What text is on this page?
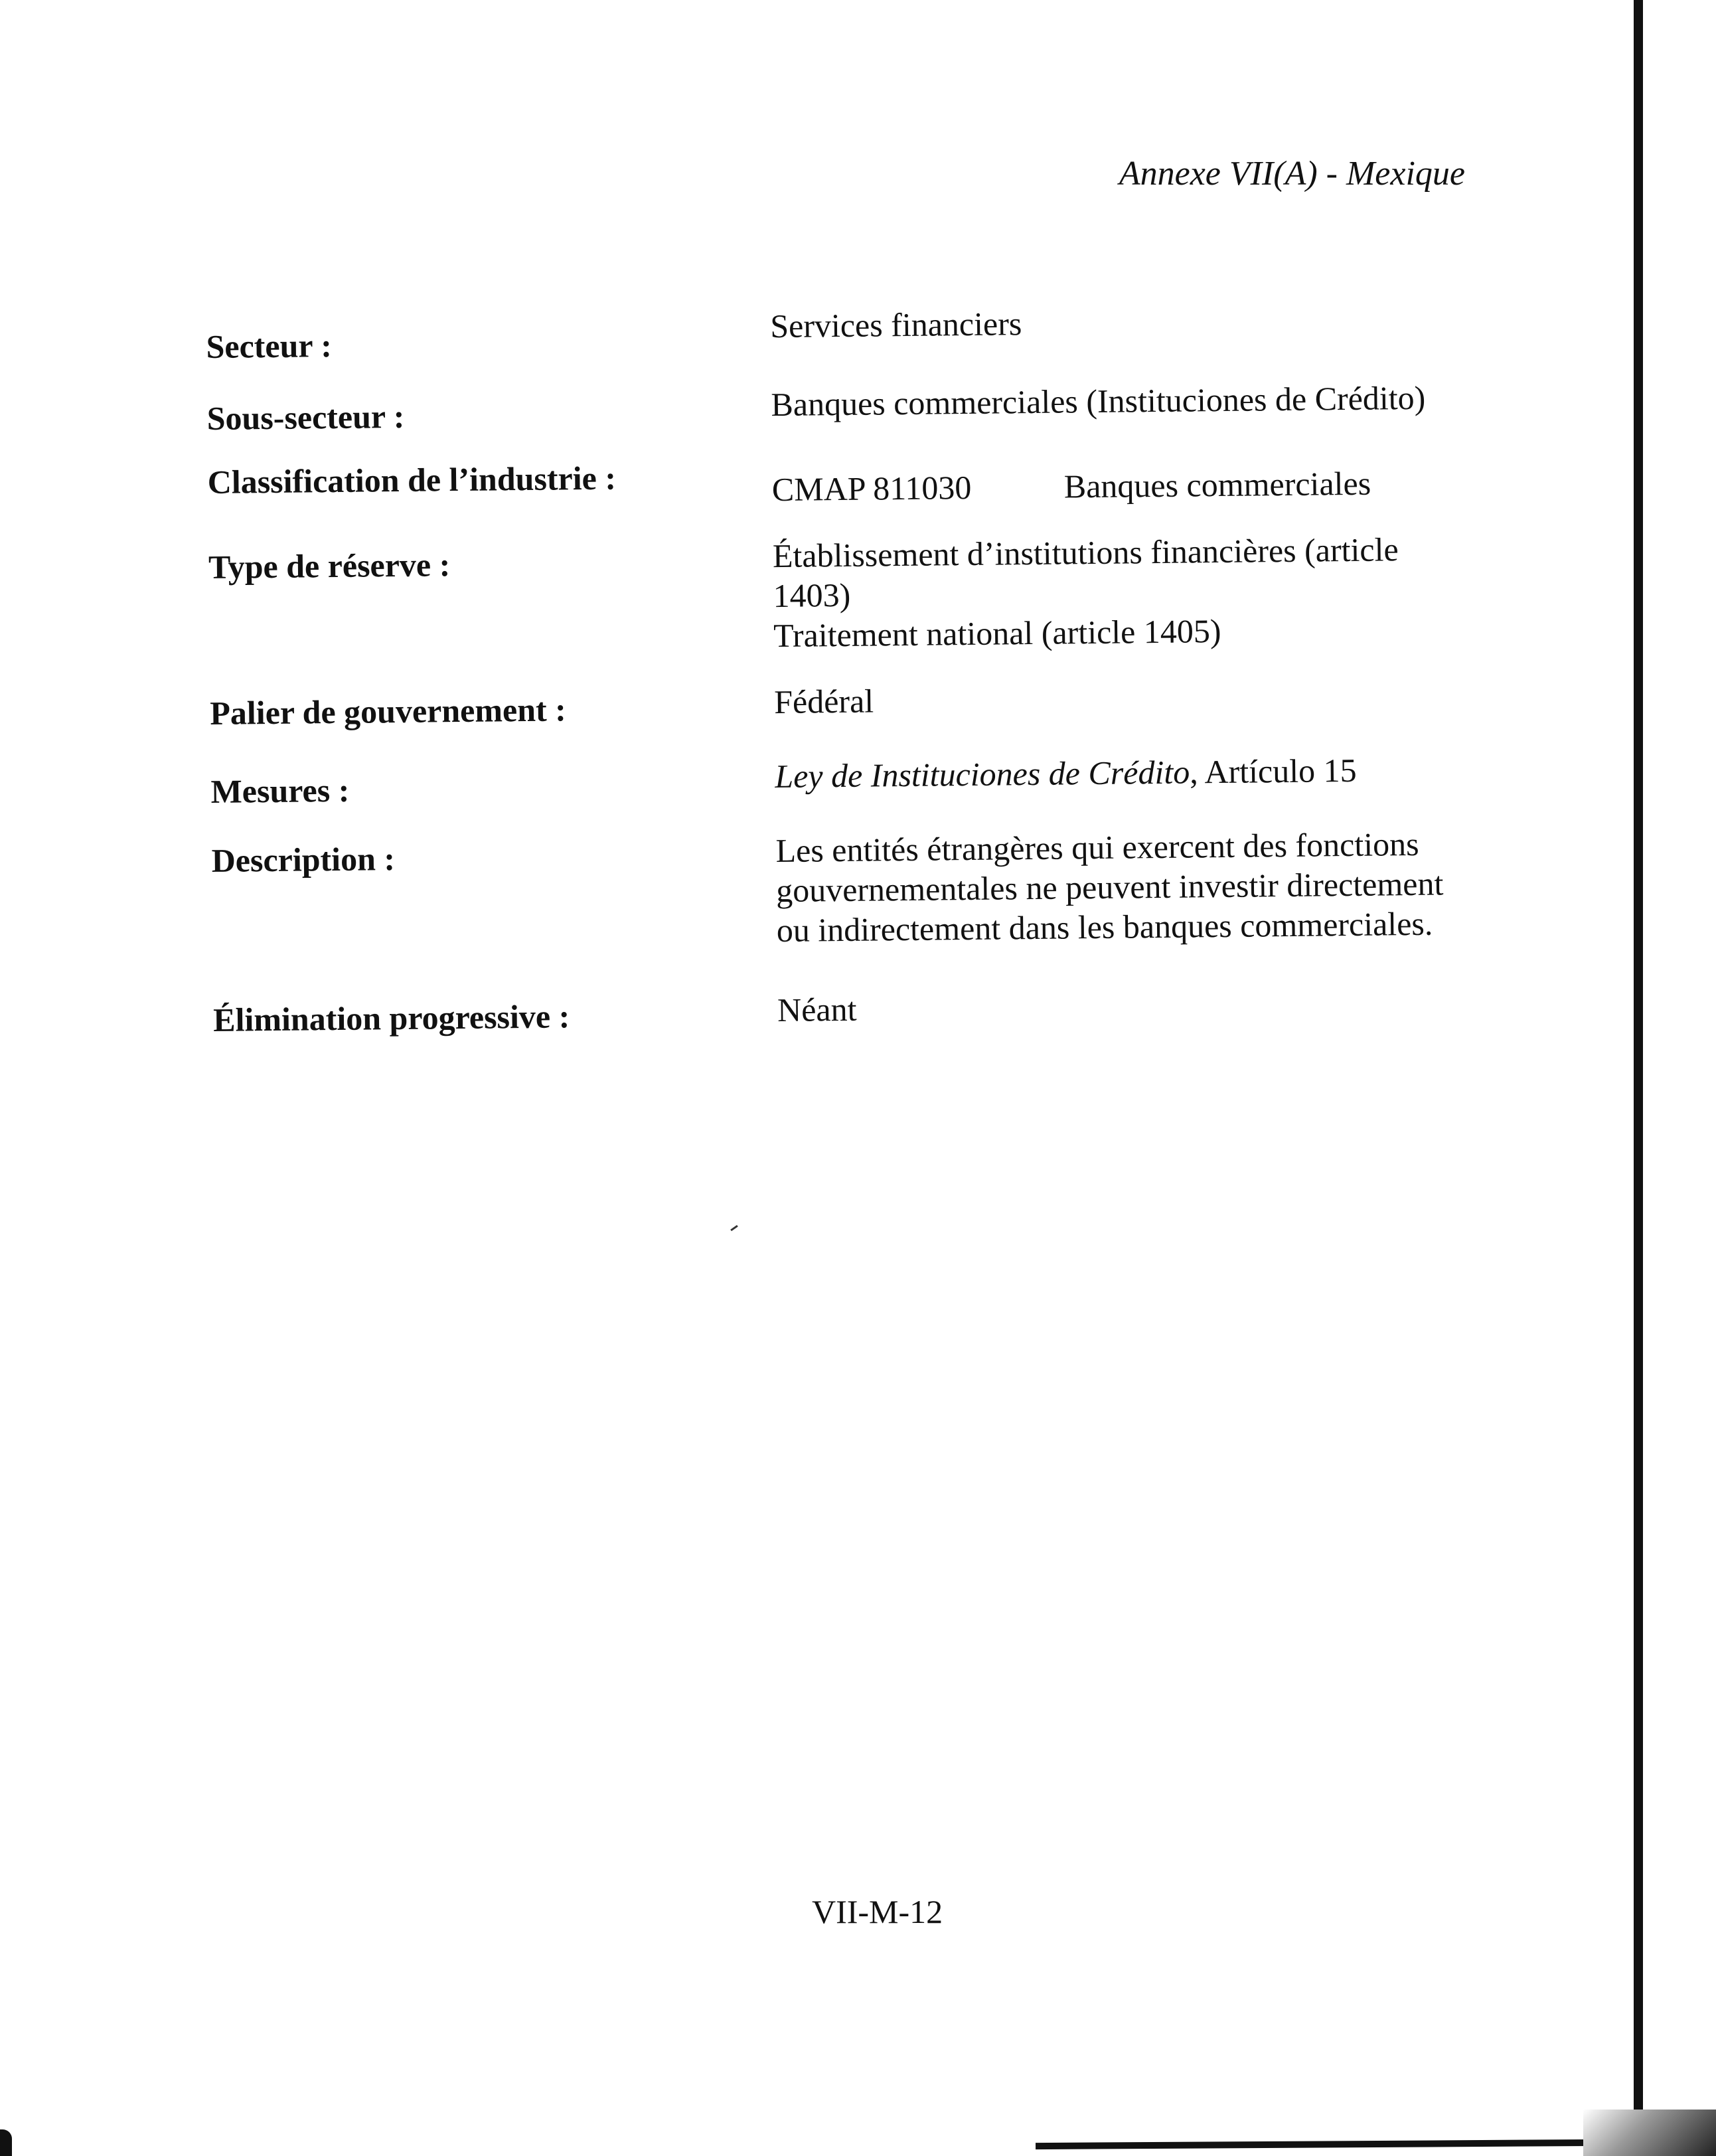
Annexe VII(A) - Mexique
Secteur :
Services financiers
Sous-secteur :	Banques commerciales (Instituciones de Crédito)
Classification de l’industrie :	CMAP 811030	Banques commerciales
Type de réserve :	Établissement d’institutions financières (article
1403)
Traitement national (article 1405)
Palier de gouvernement :	Fédéral
Mesures :	Ley de Instituciones de Crédito, Artículo 15
Description :	Les entités étrangères qui exercent des fonctions
gouvernementales ne peuvent investir directement
ou indirectement dans les banques commerciales.
Élimination progressive :	Néant
VII-M-12
